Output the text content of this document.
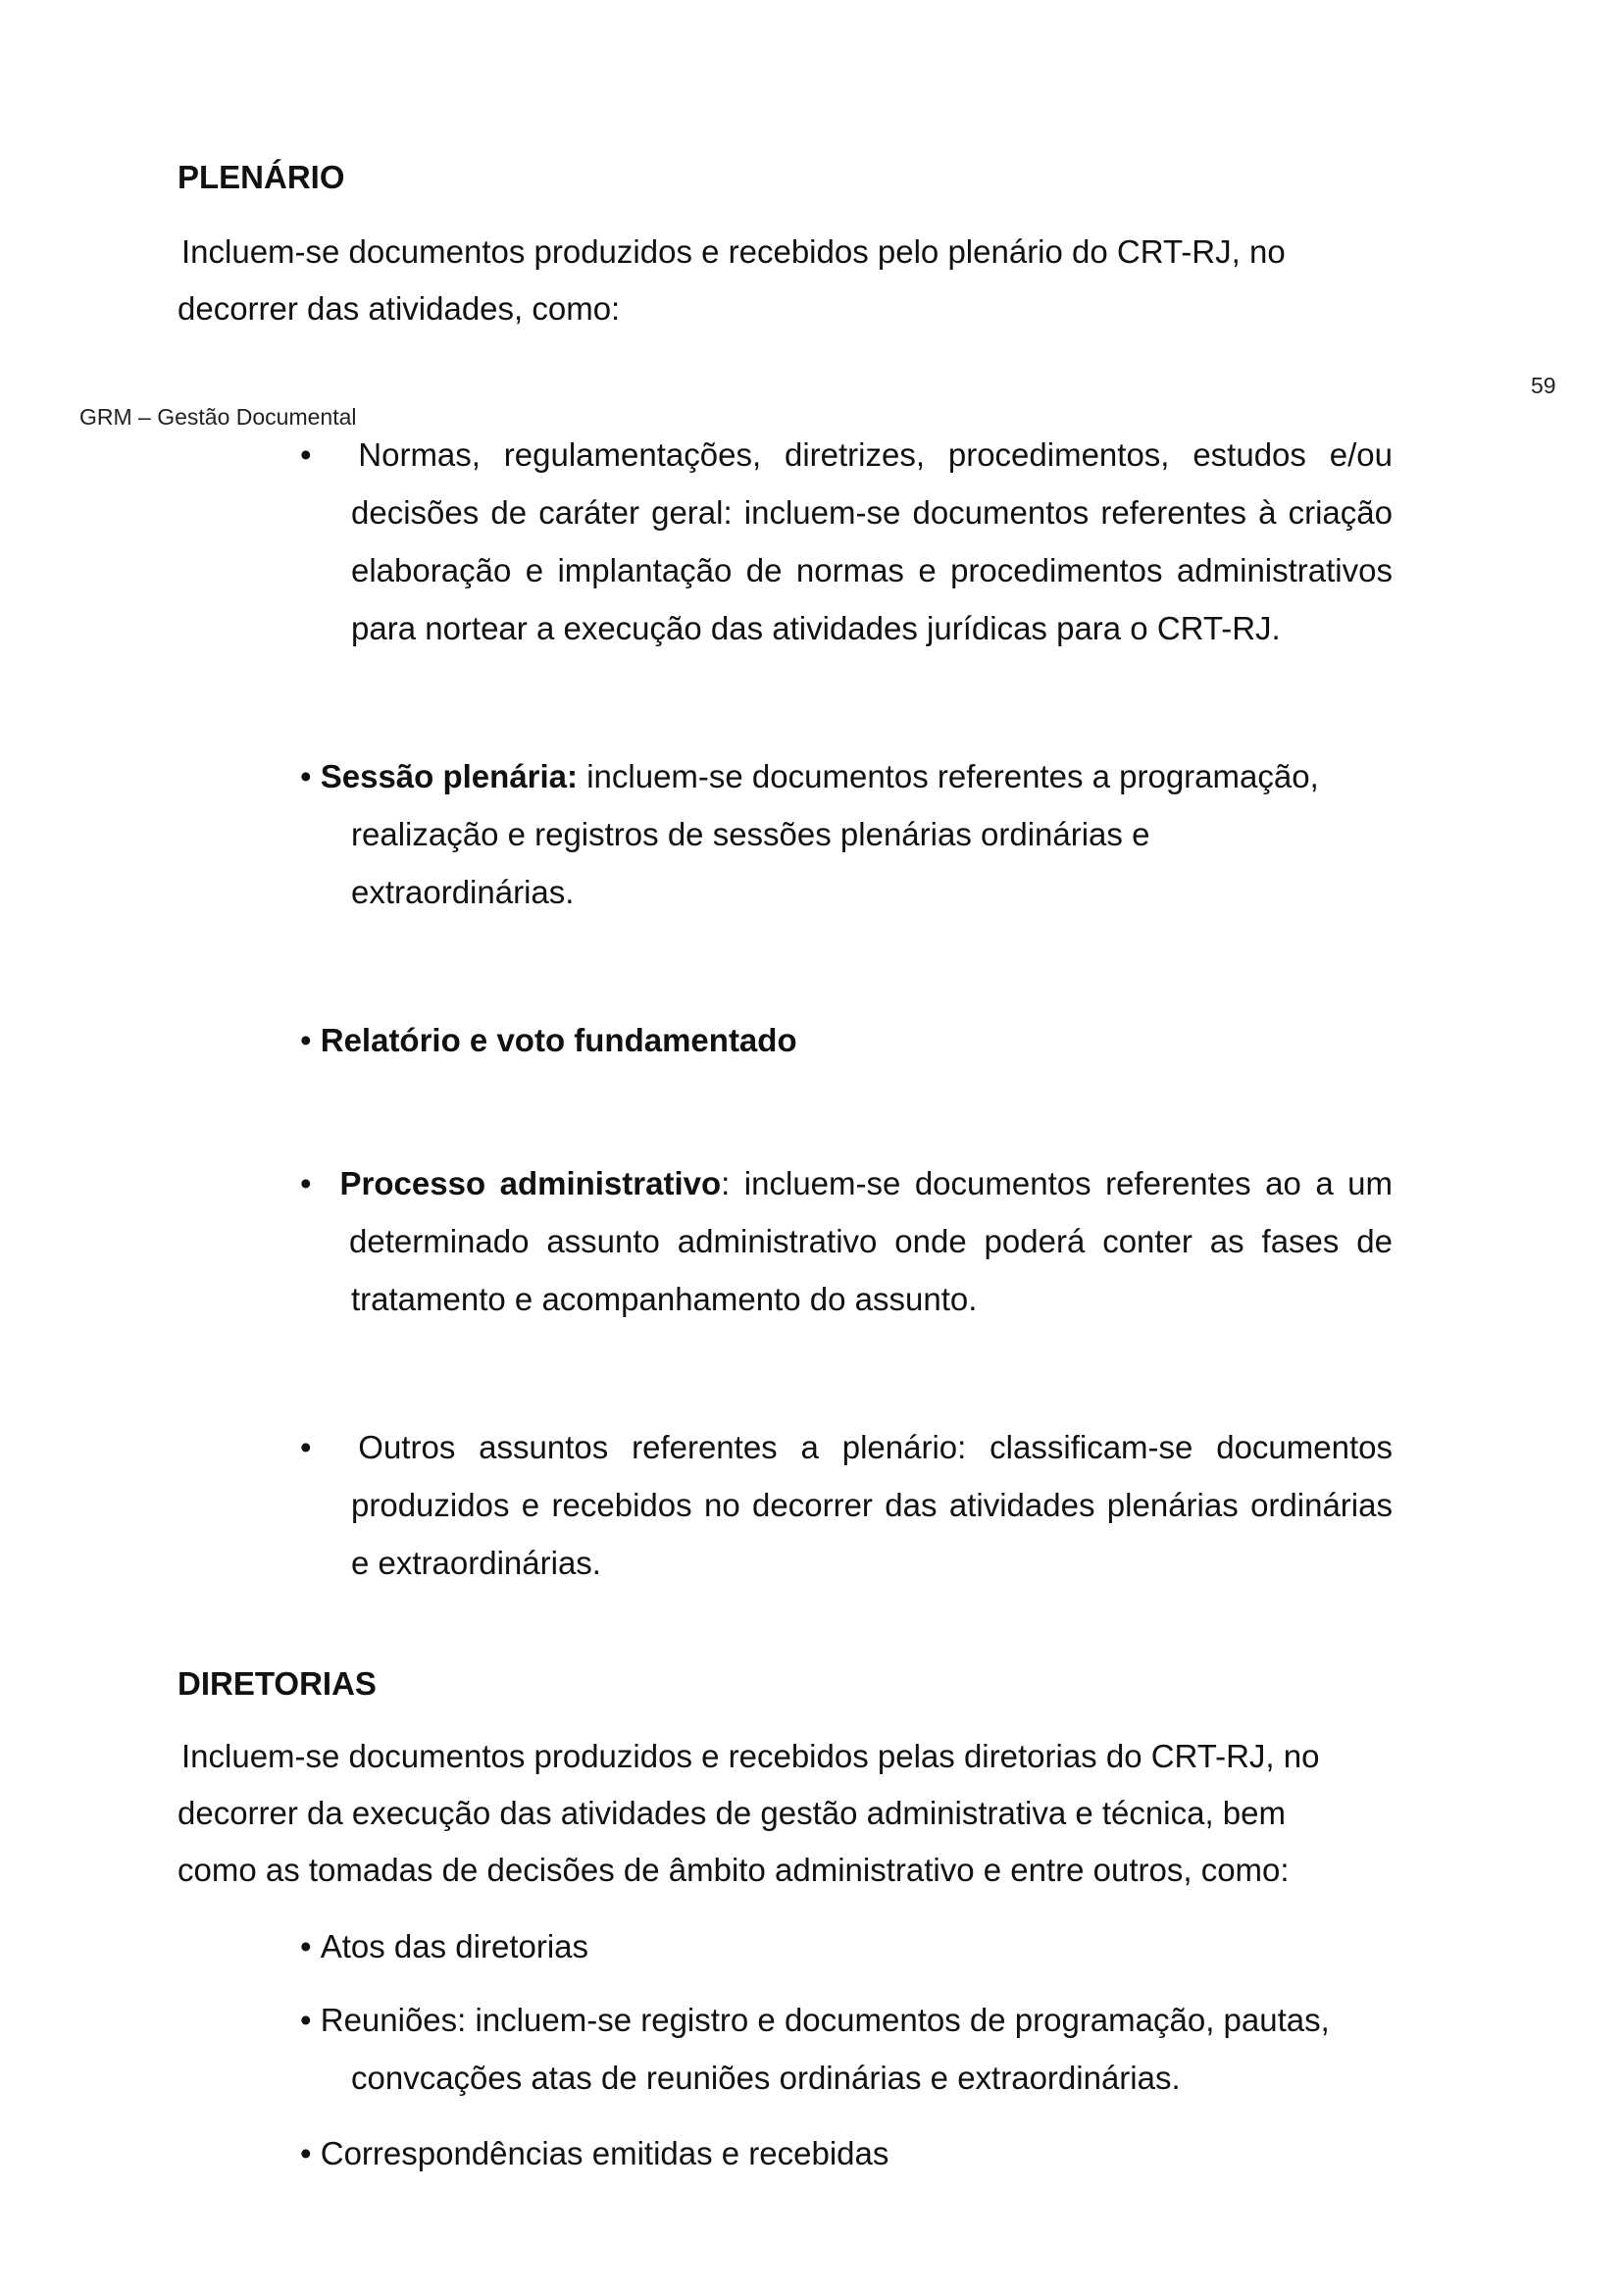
PLENÁRIO
Incluem-se documentos produzidos e recebidos pelo plenário do CRT-RJ, no
decorrer das atividades, como:
59
GRM – Gestão Documental
• Normas, regulamentações, diretrizes, procedimentos, estudos e/ou
decisões de caráter geral: incluem-se documentos referentes à criação
elaboração e implantação de normas e procedimentos administrativos
para nortear a execução das atividades jurídicas para o CRT-RJ.
• Sessão plenária: incluem-se documentos referentes a programação,
realização e registros de sessões plenárias ordinárias e
extraordinárias.
• Relatório e voto fundamentado
• Processo administrativo: incluem-se documentos referentes ao a um
determinado assunto administrativo onde poderá conter as fases de
tratamento e acompanhamento do assunto.
• Outros assuntos referentes a plenário: classificam-se documentos
produzidos e recebidos no decorrer das atividades plenárias ordinárias
e extraordinárias.
DIRETORIAS
Incluem-se documentos produzidos e recebidos pelas diretorias do CRT-RJ, no
decorrer da execução das atividades de gestão administrativa e técnica, bem
como as tomadas de decisões de âmbito administrativo e entre outros, como:
• Atos das diretorias
• Reuniões: incluem-se registro e documentos de programação, pautas,
convcações atas de reuniões ordinárias e extraordinárias.
• Correspondências emitidas e recebidas
